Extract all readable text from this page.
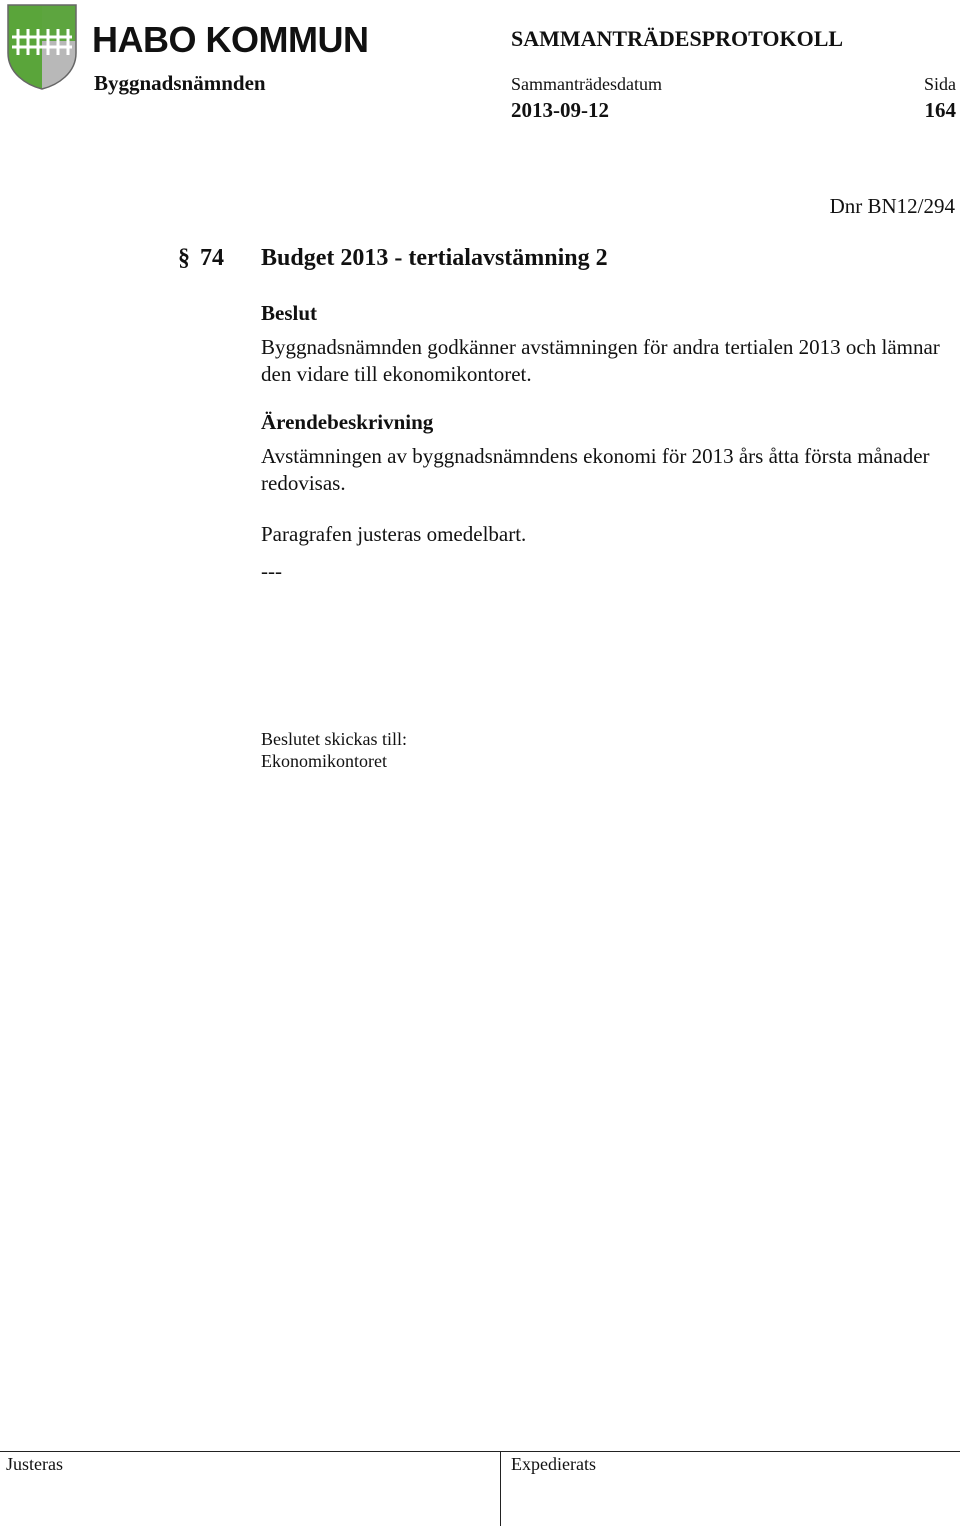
HABO KOMMUN
Byggnadsnämnden
SAMMANTRÄDESPROTOKOLL
Sammanträdesdatum
2013-09-12
Sida
164
Dnr BN12/294
§ 74 Budget 2013 - tertialavstämning 2

Beslut

Byggnadsnämnden godkänner avstämningen för andra tertialen 2013 och lämnar den vidare till ekonomikontoret.

Ärendebeskrivning

Avstämningen av byggnadsnämndens ekonomi för 2013 års åtta första månader redovisas.

Paragrafen justeras omedelbart.

---

Beslutet skickas till:
Ekonomikontoret
Justeras	Expedierats
